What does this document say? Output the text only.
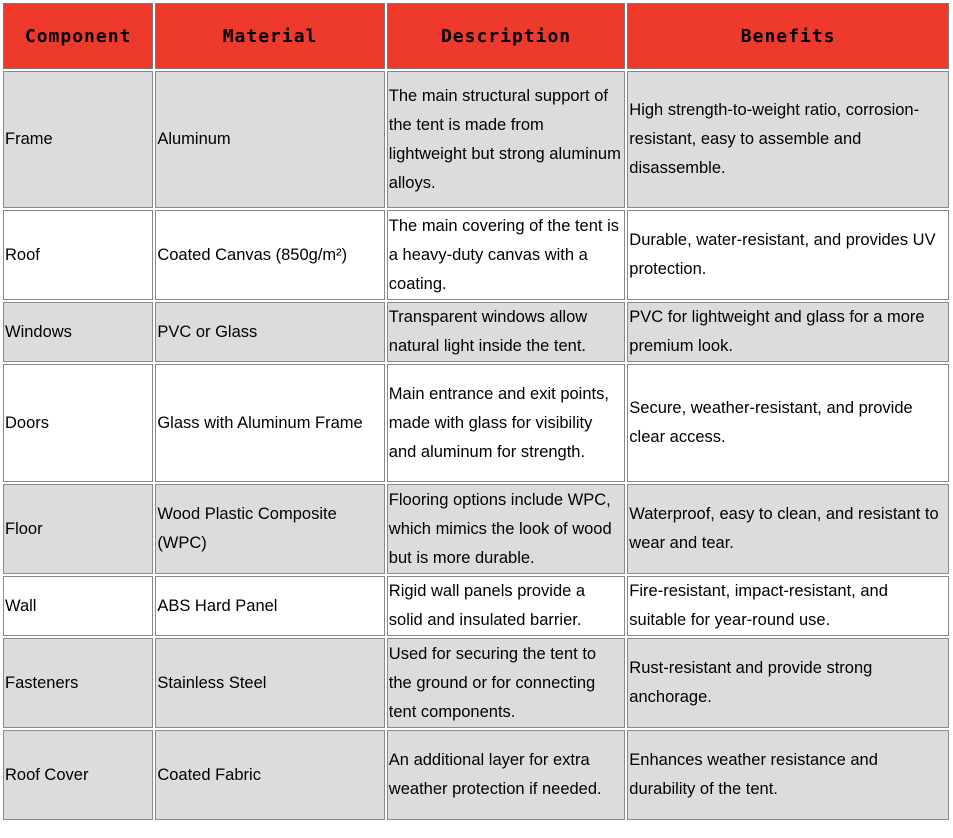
Component	Material	Description	Benefits
Frame	Aluminum	The main structural support of the tent is made from lightweight but strong aluminum alloys.	High strength-to-weight ratio, corrosion-resistant, easy to assemble and disassemble.
Roof	Coated Canvas (850g/m²)	The main covering of the tent is a heavy-duty canvas with a coating.	Durable, water-resistant, and provides UV protection.
Windows	PVC or Glass	Transparent windows allow natural light inside the tent.	PVC for lightweight and glass for a more premium look.
Doors	Glass with Aluminum Frame	Main entrance and exit points, made with glass for visibility and aluminum for strength.	Secure, weather-resistant, and provide clear access.
Floor	Wood Plastic Composite (WPC)	Flooring options include WPC, which mimics the look of wood but is more durable.	Waterproof, easy to clean, and resistant to wear and tear.
Wall	ABS Hard Panel	Rigid wall panels provide a solid and insulated barrier.	Fire-resistant, impact-resistant, and suitable for year-round use.
Fasteners	Stainless Steel	Used for securing the tent to the ground or for connecting tent components.	Rust-resistant and provide strong anchorage.
Roof Cover	Coated Fabric	An additional layer for extra weather protection if needed.	Enhances weather resistance and durability of the tent.
